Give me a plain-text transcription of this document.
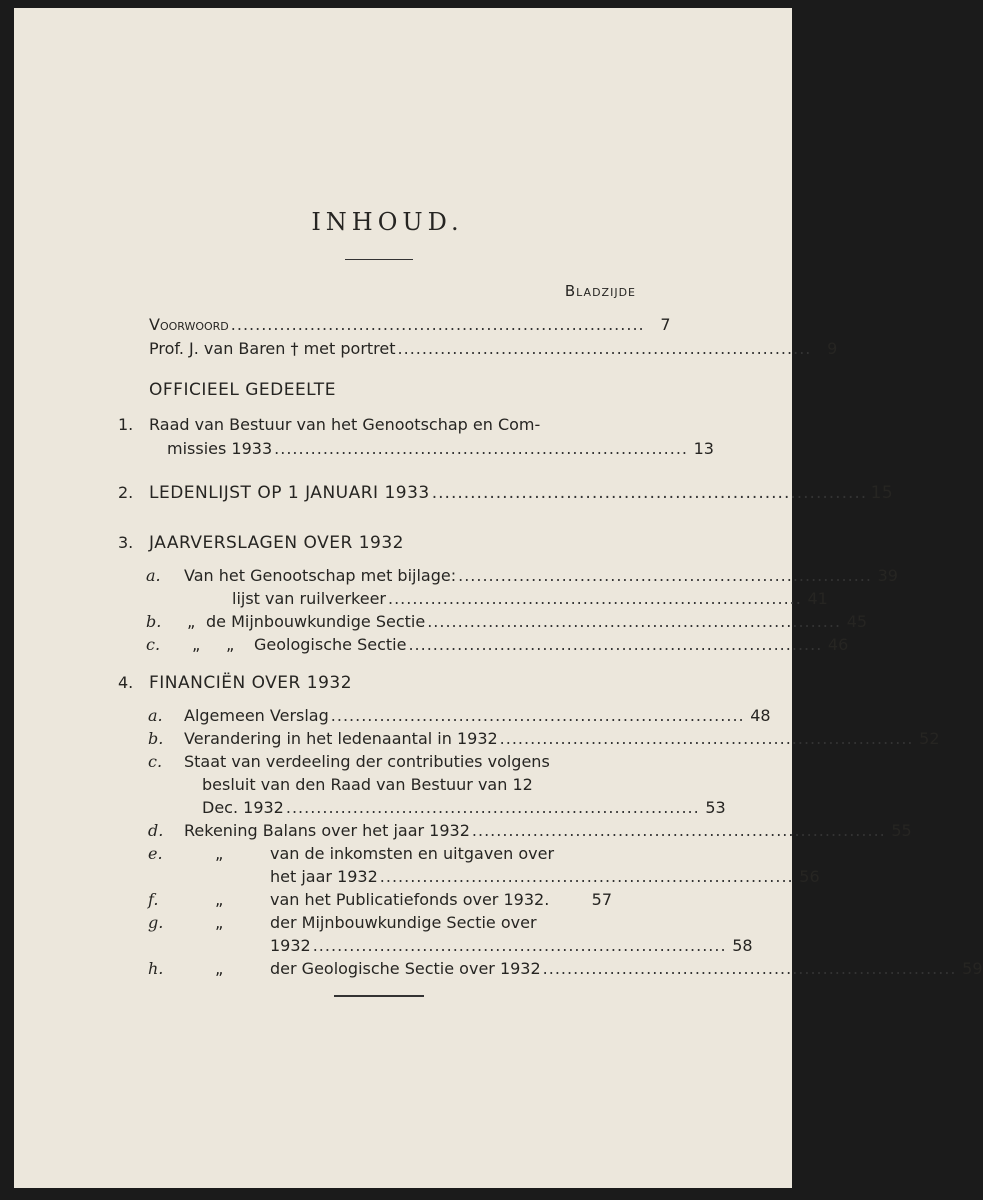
INHOUD.
Bladzijde
Voorwoord .................................................................... 7
Prof. J. van Baren † met portret .................................................................... 9
OFFICIEEL GEDEELTE
1. Raad van Bestuur van het Genootschap en Com-
missies 1933 .................................................................... 13
2. LEDENLIJST OP 1 JANUARI 1933 .................................................................... 15
3. JAARVERSLAGEN OVER 1932
a. Van het Genootschap met bijlage: .................................................................... 39
lijst van ruilverkeer .................................................................... 41
b. „ de Mijnbouwkundige Sectie .................................................................... 45
c. „ „ Geologische Sectie .................................................................... 46
4. FINANCIËN OVER 1932
a. Algemeen Verslag .................................................................... 48
b. Verandering in het ledenaantal in 1932 .................................................................... 52
c. Staat van verdeeling der contributies volgens
besluit van den Raad van Bestuur van 12
Dec. 1932 .................................................................... 53
d. Rekening Balans over het jaar 1932 .................................................................... 55
e.	„	van de inkomsten en uitgaven over
het jaar 1932 .................................................................... 56
f.	„	van het Publicatiefonds over 1932.	57
g.	„	der Mijnbouwkundige Sectie over
1932 .................................................................... 58
h.	„	der Geologische Sectie over 1932 .................................................................... 59
